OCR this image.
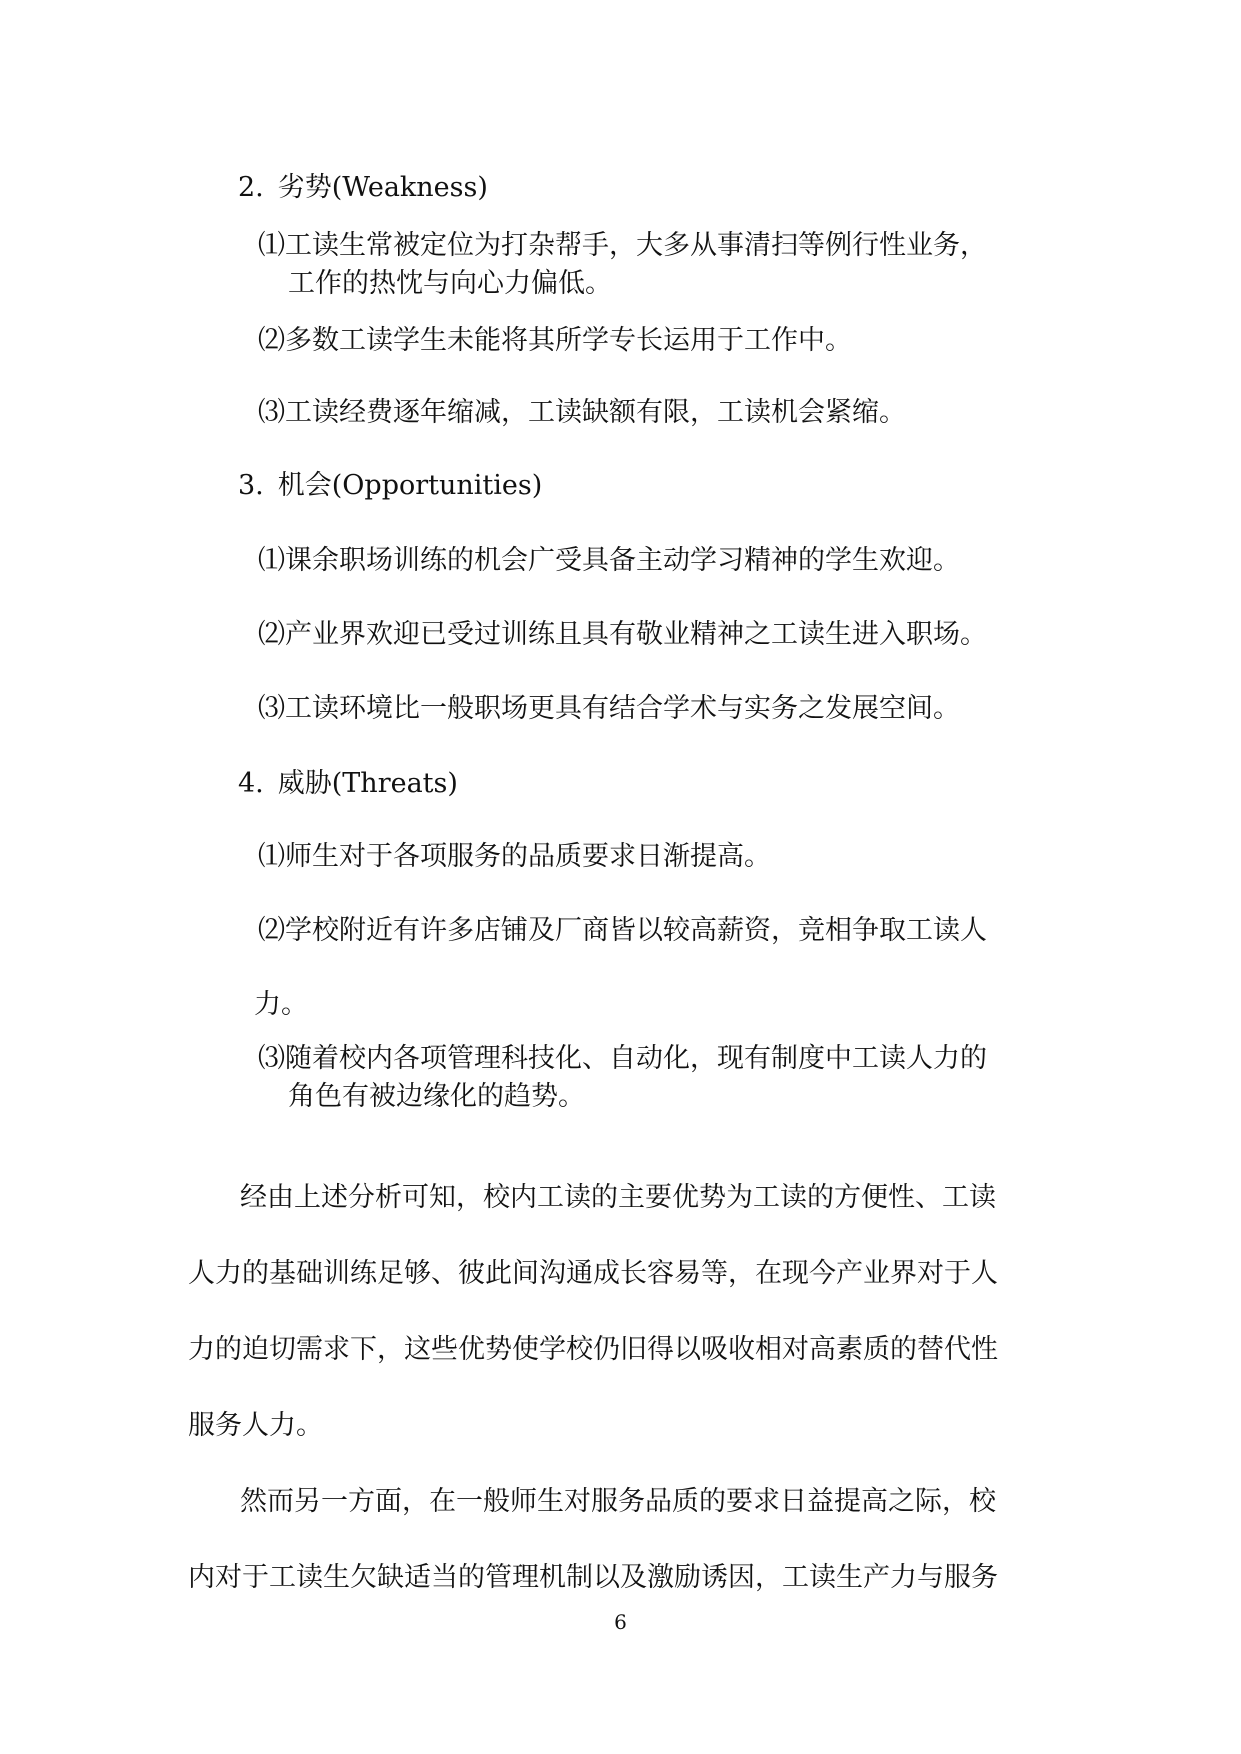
2. 劣势(Weakness)
⑴工读生常被定位为打杂帮手，大多从事清扫等例行性业务，
工作的热忱与向心力偏低。
⑵多数工读学生未能将其所学专长运用于工作中。
⑶工读经费逐年缩减，工读缺额有限，工读机会紧缩。
3. 机会(Opportunities)
⑴课余职场训练的机会广受具备主动学习精神的学生欢迎。
⑵产业界欢迎已受过训练且具有敬业精神之工读生进入职场。
⑶工读环境比一般职场更具有结合学术与实务之发展空间。
4. 威胁(Threats)
⑴师生对于各项服务的品质要求日渐提高。
⑵学校附近有许多店铺及厂商皆以较高薪资，竞相争取工读人
力。
⑶随着校内各项管理科技化、自动化，现有制度中工读人力的
角色有被边缘化的趋势。
经由上述分析可知，校内工读的主要优势为工读的方便性、工读
人力的基础训练足够、彼此间沟通成长容易等，在现今产业界对于人
力的迫切需求下，这些优势使学校仍旧得以吸收相对高素质的替代性
服务人力。
然而另一方面，在一般师生对服务品质的要求日益提高之际，校
内对于工读生欠缺适当的管理机制以及激励诱因，工读生产力与服务
6
